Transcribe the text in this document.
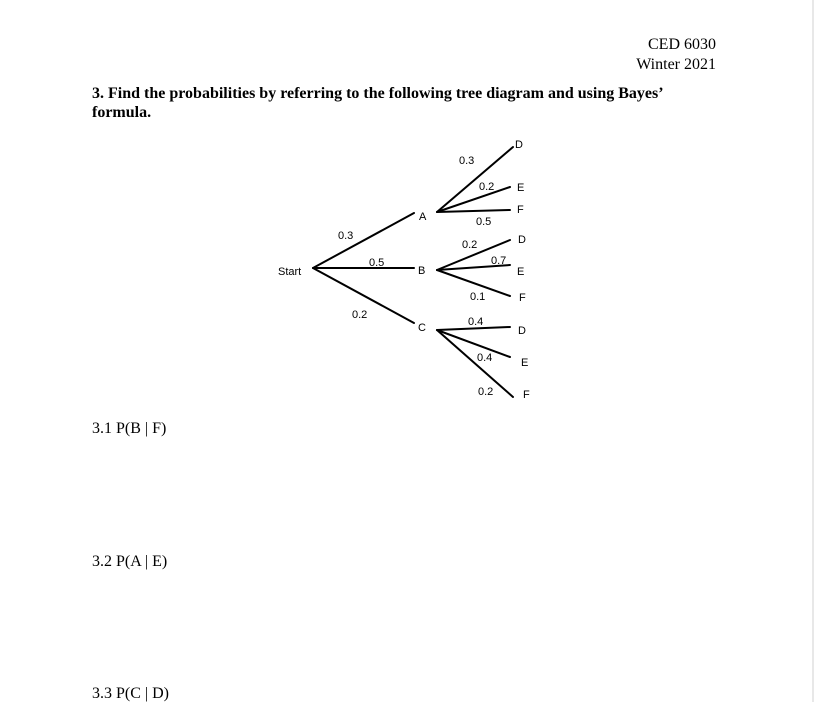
CED 6030
Winter 2021
3. Find the probabilities by referring to the following tree diagram and using Bayes’ formula.
Start
A
B
C
D
E
F
D
E
F
D
E
F
0.3
0.5
0.2
0.3
0.2
0.5
0.2
0.7
0.1
0.4
0.4
0.2
3.1 P(B | F)
3.2 P(A | E)
3.3 P(C | D)
